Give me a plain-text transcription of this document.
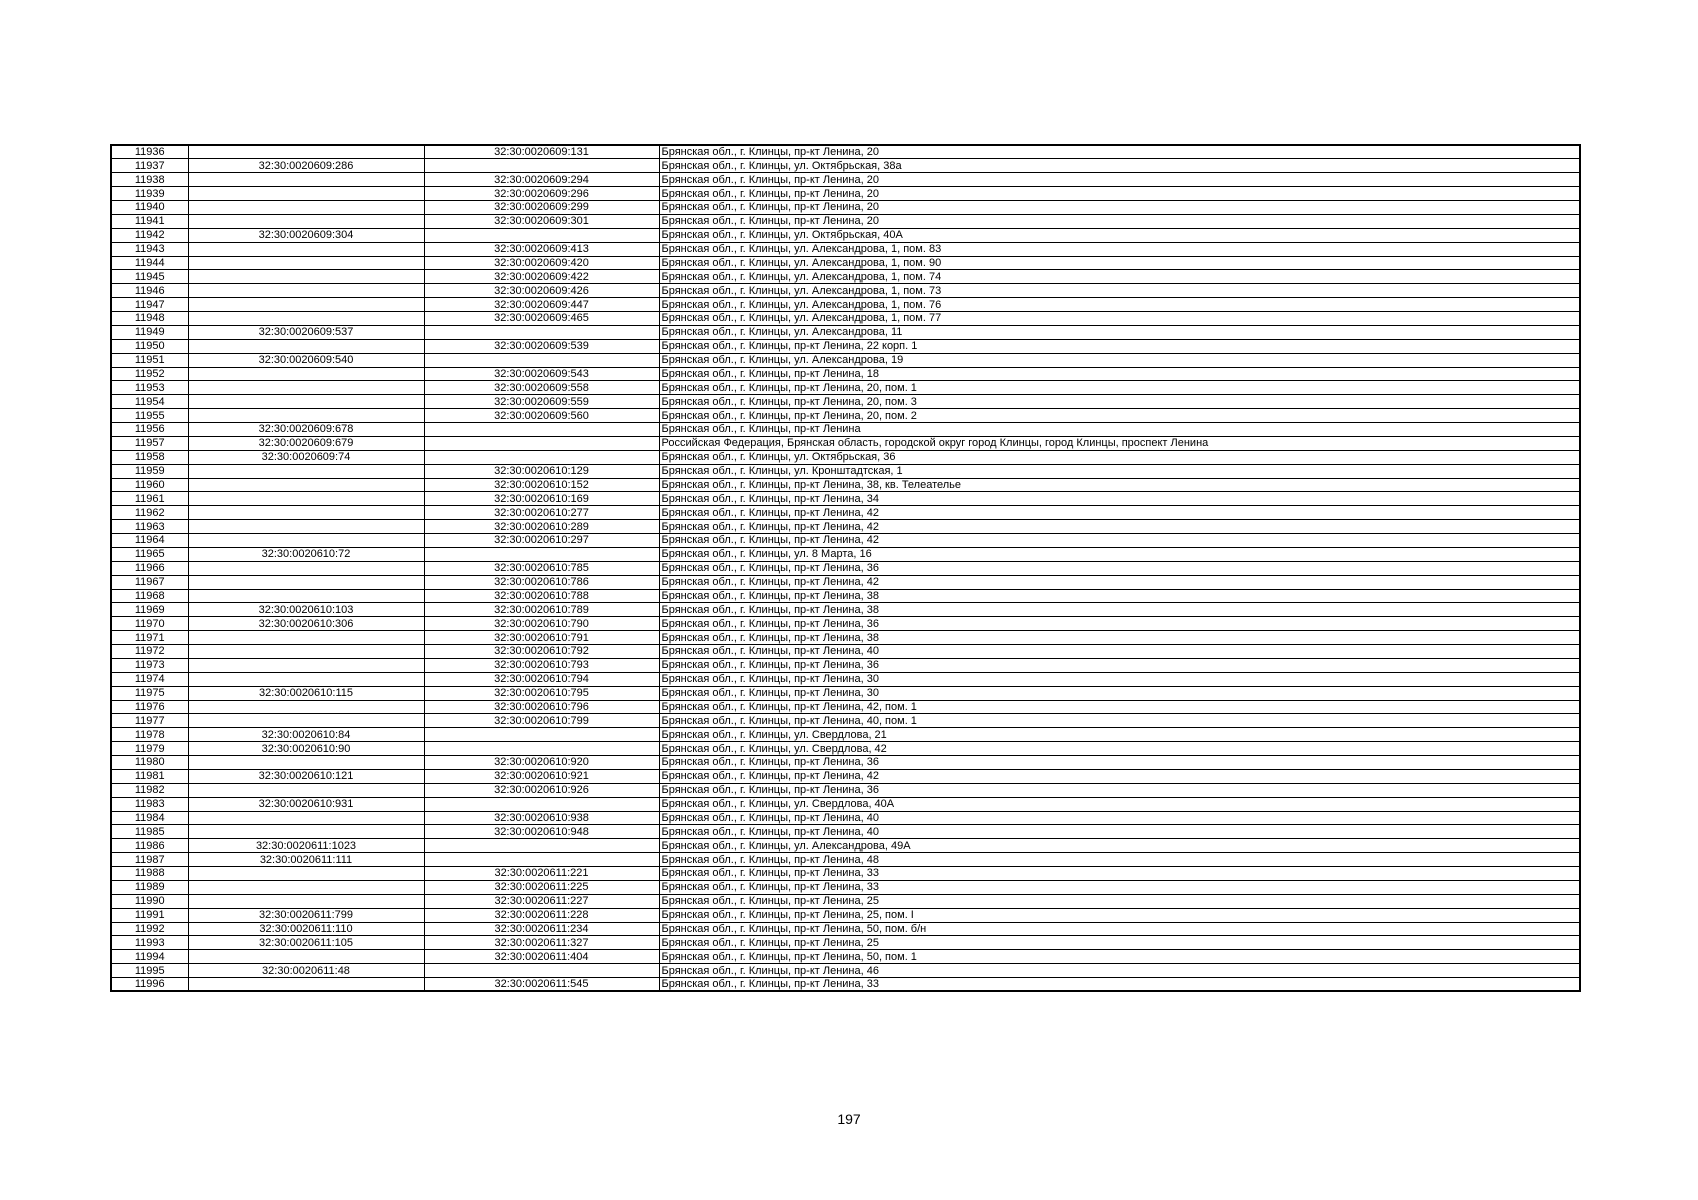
11936		32:30:0020609:131	Брянская обл., г. Клинцы, пр-кт Ленина, 20
11937	32:30:0020609:286		Брянская обл., г. Клинцы, ул. Октябрьская, 38а
11938		32:30:0020609:294	Брянская обл., г. Клинцы, пр-кт Ленина, 20
11939		32:30:0020609:296	Брянская обл., г. Клинцы, пр-кт Ленина, 20
11940		32:30:0020609:299	Брянская обл., г. Клинцы, пр-кт Ленина, 20
11941		32:30:0020609:301	Брянская обл., г. Клинцы, пр-кт Ленина, 20
11942	32:30:0020609:304		Брянская обл., г. Клинцы, ул. Октябрьская, 40А
11943		32:30:0020609:413	Брянская обл., г. Клинцы, ул. Александрова, 1, пом. 83
11944		32:30:0020609:420	Брянская обл., г. Клинцы, ул. Александрова, 1, пом. 90
11945		32:30:0020609:422	Брянская обл., г. Клинцы, ул. Александрова, 1, пом. 74
11946		32:30:0020609:426	Брянская обл., г. Клинцы, ул. Александрова, 1, пом. 73
11947		32:30:0020609:447	Брянская обл., г. Клинцы, ул. Александрова, 1, пом. 76
11948		32:30:0020609:465	Брянская обл., г. Клинцы, ул. Александрова, 1, пом. 77
11949	32:30:0020609:537		Брянская обл., г. Клинцы, ул. Александрова, 11
11950		32:30:0020609:539	Брянская обл., г. Клинцы, пр-кт Ленина, 22 корп. 1
11951	32:30:0020609:540		Брянская обл., г. Клинцы, ул. Александрова, 19
11952		32:30:0020609:543	Брянская обл., г. Клинцы, пр-кт Ленина, 18
11953		32:30:0020609:558	Брянская обл., г. Клинцы, пр-кт Ленина, 20, пом. 1
11954		32:30:0020609:559	Брянская обл., г. Клинцы, пр-кт Ленина, 20, пом. 3
11955		32:30:0020609:560	Брянская обл., г. Клинцы, пр-кт Ленина, 20, пом. 2
11956	32:30:0020609:678		Брянская обл., г. Клинцы, пр-кт Ленина
11957	32:30:0020609:679		Российская Федерация, Брянская область, городской округ город Клинцы, город Клинцы, проспект Ленина
11958	32:30:0020609:74		Брянская обл., г. Клинцы, ул. Октябрьская, 36
11959		32:30:0020610:129	Брянская обл., г. Клинцы, ул. Кронштадтская, 1
11960		32:30:0020610:152	Брянская обл., г. Клинцы, пр-кт Ленина, 38, кв. Телеателье
11961		32:30:0020610:169	Брянская обл., г. Клинцы, пр-кт Ленина, 34
11962		32:30:0020610:277	Брянская обл., г. Клинцы, пр-кт Ленина, 42
11963		32:30:0020610:289	Брянская обл., г. Клинцы, пр-кт Ленина, 42
11964		32:30:0020610:297	Брянская обл., г. Клинцы, пр-кт Ленина, 42
11965	32:30:0020610:72		Брянская обл., г. Клинцы, ул. 8 Марта, 16
11966		32:30:0020610:785	Брянская обл., г. Клинцы, пр-кт Ленина, 36
11967		32:30:0020610:786	Брянская обл., г. Клинцы, пр-кт Ленина, 42
11968		32:30:0020610:788	Брянская обл., г. Клинцы, пр-кт Ленина, 38
11969	32:30:0020610:103	32:30:0020610:789	Брянская обл., г. Клинцы, пр-кт Ленина, 38
11970	32:30:0020610:306	32:30:0020610:790	Брянская обл., г. Клинцы, пр-кт Ленина, 36
11971		32:30:0020610:791	Брянская обл., г. Клинцы, пр-кт Ленина, 38
11972		32:30:0020610:792	Брянская обл., г. Клинцы, пр-кт Ленина, 40
11973		32:30:0020610:793	Брянская обл., г. Клинцы, пр-кт Ленина, 36
11974		32:30:0020610:794	Брянская обл., г. Клинцы, пр-кт Ленина, 30
11975	32:30:0020610:115	32:30:0020610:795	Брянская обл., г. Клинцы, пр-кт Ленина, 30
11976		32:30:0020610:796	Брянская обл., г. Клинцы, пр-кт Ленина, 42, пом. 1
11977		32:30:0020610:799	Брянская обл., г. Клинцы, пр-кт Ленина, 40, пом. 1
11978	32:30:0020610:84		Брянская обл., г. Клинцы, ул. Свердлова, 21
11979	32:30:0020610:90		Брянская обл., г. Клинцы, ул. Свердлова, 42
11980		32:30:0020610:920	Брянская обл., г. Клинцы, пр-кт Ленина, 36
11981	32:30:0020610:121	32:30:0020610:921	Брянская обл., г. Клинцы, пр-кт Ленина, 42
11982		32:30:0020610:926	Брянская обл., г. Клинцы, пр-кт Ленина, 36
11983	32:30:0020610:931		Брянская обл., г. Клинцы, ул. Свердлова, 40А
11984		32:30:0020610:938	Брянская обл., г. Клинцы, пр-кт Ленина, 40
11985		32:30:0020610:948	Брянская обл., г. Клинцы, пр-кт Ленина, 40
11986	32:30:0020611:1023		Брянская обл., г. Клинцы, ул. Александрова, 49А
11987	32:30:0020611:111		Брянская обл., г. Клинцы, пр-кт Ленина, 48
11988		32:30:0020611:221	Брянская обл., г. Клинцы, пр-кт Ленина, 33
11989		32:30:0020611:225	Брянская обл., г. Клинцы, пр-кт Ленина, 33
11990		32:30:0020611:227	Брянская обл., г. Клинцы, пр-кт Ленина, 25
11991	32:30:0020611:799	32:30:0020611:228	Брянская обл., г. Клинцы, пр-кт Ленина, 25, пом. I
11992	32:30:0020611:110	32:30:0020611:234	Брянская обл., г. Клинцы, пр-кт Ленина, 50, пом. б/н
11993	32:30:0020611:105	32:30:0020611:327	Брянская обл., г. Клинцы, пр-кт Ленина, 25
11994		32:30:0020611:404	Брянская обл., г. Клинцы, пр-кт Ленина, 50, пом. 1
11995	32:30:0020611:48		Брянская обл., г. Клинцы, пр-кт Ленина, 46
11996		32:30:0020611:545	Брянская обл., г. Клинцы, пр-кт Ленина, 33
197
